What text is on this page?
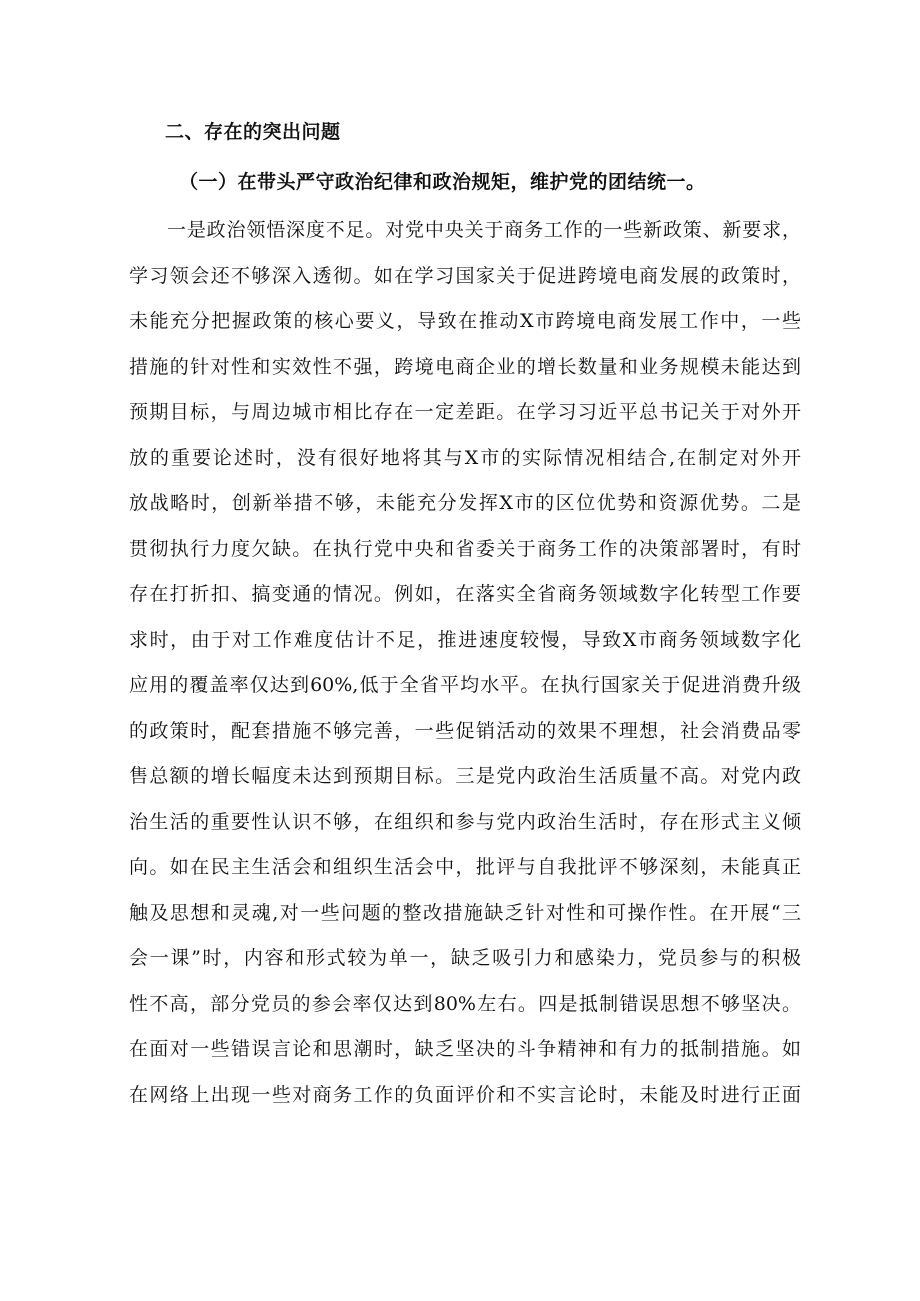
二、存在的突出问题
（一）在带头严守政治纪律和政治规矩，维护党的团结统一。
一是政治领悟深度不足。对党中央关于商务工作的一些新政策、新要求，
学习领会还不够深入透彻。如在学习国家关于促进跨境电商发展的政策时，
未能充分把握政策的核心要义，导致在推动X市跨境电商发展工作中，一些
措施的针对性和实效性不强，跨境电商企业的增长数量和业务规模未能达到
预期目标，与周边城市相比存在一定差距。在学习习近平总书记关于对外开
放的重要论述时，没有很好地将其与X市的实际情况相结合,在制定对外开
放战略时，创新举措不够，未能充分发挥X市的区位优势和资源优势。二是
贯彻执行力度欠缺。在执行党中央和省委关于商务工作的决策部署时，有时
存在打折扣、搞变通的情况。例如，在落实全省商务领域数字化转型工作要
求时，由于对工作难度估计不足，推进速度较慢，导致X市商务领域数字化
应用的覆盖率仅达到60%,低于全省平均水平。在执行国家关于促进消费升级
的政策时，配套措施不够完善，一些促销活动的效果不理想，社会消费品零
售总额的增长幅度未达到预期目标。三是党内政治生活质量不高。对党内政
治生活的重要性认识不够，在组织和参与党内政治生活时，存在形式主义倾
向。如在民主生活会和组织生活会中，批评与自我批评不够深刻，未能真正
触及思想和灵魂,对一些问题的整改措施缺乏针对性和可操作性。在开展“三
会一课”时，内容和形式较为单一，缺乏吸引力和感染力，党员参与的积极
性不高，部分党员的参会率仅达到80%左右。四是抵制错误思想不够坚决。
在面对一些错误言论和思潮时，缺乏坚决的斗争精神和有力的抵制措施。如
在网络上出现一些对商务工作的负面评价和不实言论时，未能及时进行正面
